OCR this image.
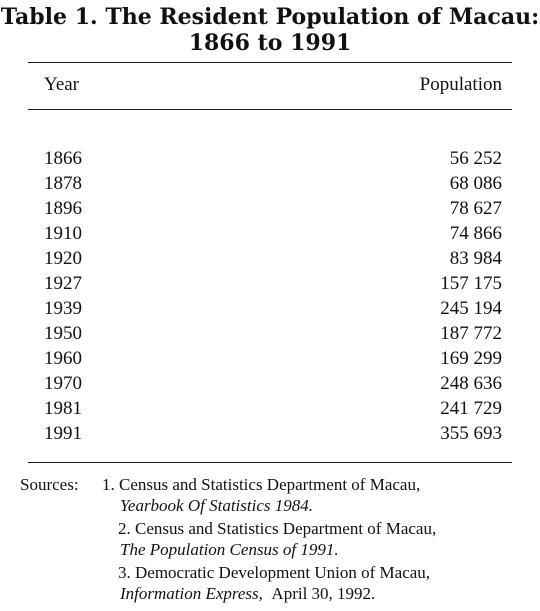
Table 1. The Resident Population of Macau:
1866 to 1991
Year	Population
1866	56 252
1878	68 086
1896	78 627
1910	74 866
1920	83 984
1927	157 175
1939	245 194
1950	187 772
1960	169 299
1970	248 636
1981	241 729
1991	355 693
Sources: 1. Census and Statistics Department of Macau,
Yearbook Of Statistics 1984.
2. Census and Statistics Department of Macau,
The Population Census of 1991.
3. Democratic Development Union of Macau,
Information Express, April 30, 1992.
